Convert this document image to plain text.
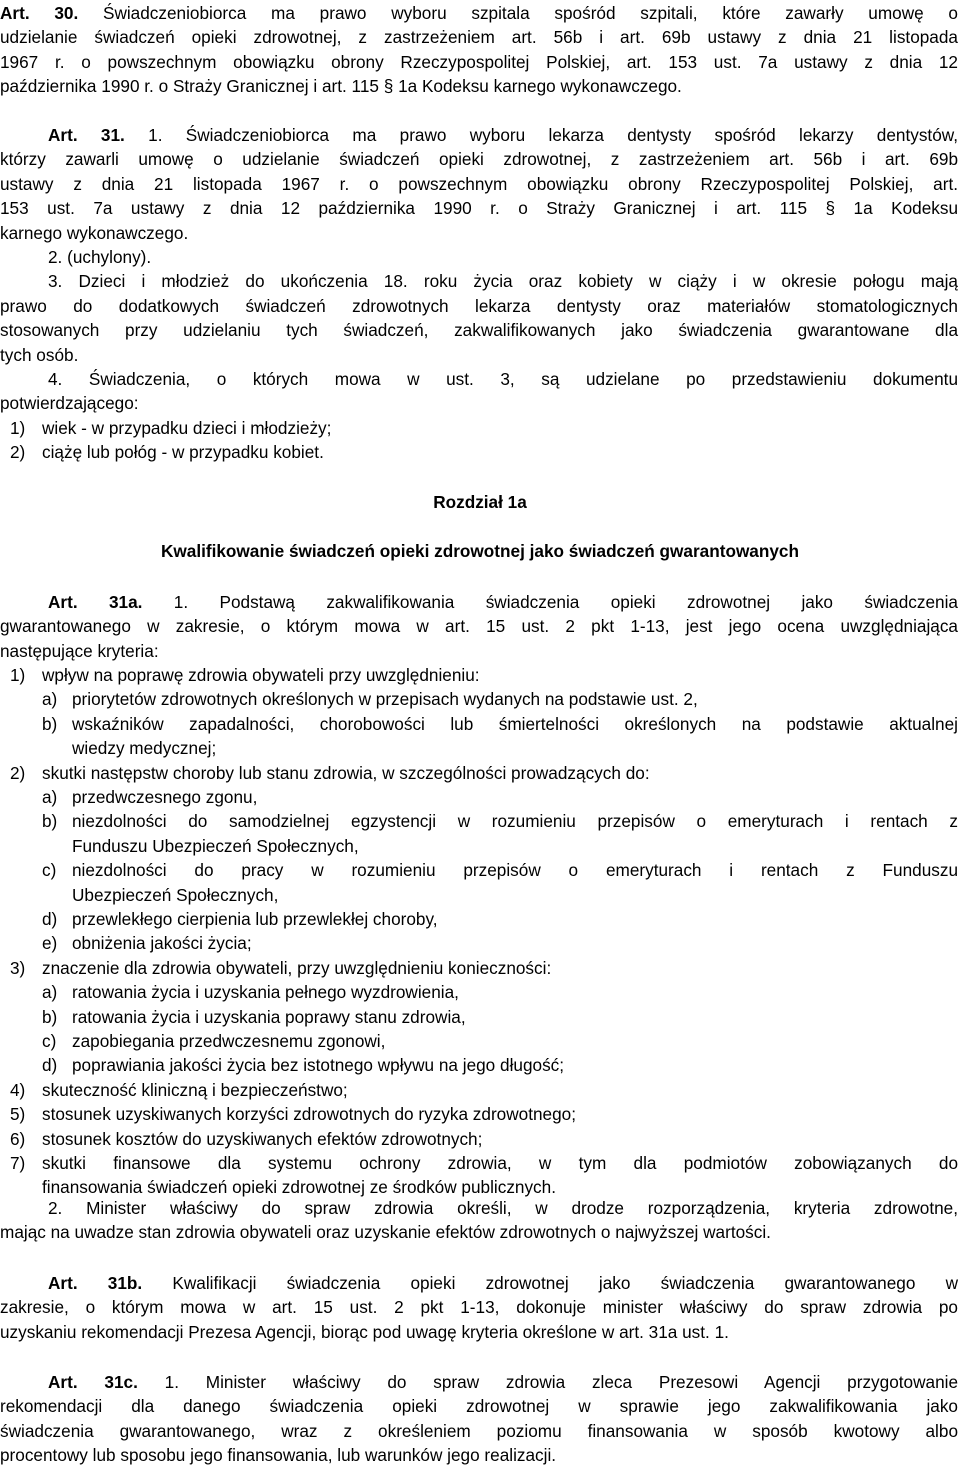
Art. 30. Świadczeniobiorca ma prawo wyboru szpitala spośród szpitali, które zawarły umowę o
udzielanie świadczeń opieki zdrowotnej, z zastrzeżeniem art. 56b i art. 69b ustawy z dnia 21 listopada
1967 r. o powszechnym obowiązku obrony Rzeczypospolitej Polskiej, art. 153 ust. 7a ustawy z dnia 12
października 1990 r. o Straży Granicznej i art. 115 § 1a Kodeksu karnego wykonawczego.
Art. 31. 1. Świadczeniobiorca ma prawo wyboru lekarza dentysty spośród lekarzy dentystów,
którzy zawarli umowę o udzielanie świadczeń opieki zdrowotnej, z zastrzeżeniem art. 56b i art. 69b
ustawy z dnia 21 listopada 1967 r. o powszechnym obowiązku obrony Rzeczypospolitej Polskiej, art.
153 ust. 7a ustawy z dnia 12 października 1990 r. o Straży Granicznej i art. 115 § 1a Kodeksu
karnego wykonawczego.
2. (uchylony).
3. Dzieci i młodzież do ukończenia 18. roku życia oraz kobiety w ciąży i w okresie połogu mają
prawo do dodatkowych świadczeń zdrowotnych lekarza dentysty oraz materiałów stomatologicznych
stosowanych przy udzielaniu tych świadczeń, zakwalifikowanych jako świadczenia gwarantowane dla
tych osób.
4. Świadczenia, o których mowa w ust. 3, są udzielane po przedstawieniu dokumentu
potwierdzającego:
1) wiek - w przypadku dzieci i młodzieży;
2) ciążę lub połóg - w przypadku kobiet.
Rozdział 1a
Kwalifikowanie świadczeń opieki zdrowotnej jako świadczeń gwarantowanych
Art. 31a. 1. Podstawą zakwalifikowania świadczenia opieki zdrowotnej jako świadczenia
gwarantowanego w zakresie, o którym mowa w art. 15 ust. 2 pkt 1-13, jest jego ocena uwzględniająca
następujące kryteria:
1) wpływ na poprawę zdrowia obywateli przy uwzględnieniu:
a) priorytetów zdrowotnych określonych w przepisach wydanych na podstawie ust. 2,
b) wskaźników zapadalności, chorobowości lub śmiertelności określonych na podstawie aktualnej
wiedzy medycznej;
2) skutki następstw choroby lub stanu zdrowia, w szczególności prowadzących do:
a) przedwczesnego zgonu,
b) niezdolności do samodzielnej egzystencji w rozumieniu przepisów o emeryturach i rentach z
Funduszu Ubezpieczeń Społecznych,
c) niezdolności do pracy w rozumieniu przepisów o emeryturach i rentach z Funduszu
Ubezpieczeń Społecznych,
d) przewlekłego cierpienia lub przewlekłej choroby,
e) obniżenia jakości życia;
3) znaczenie dla zdrowia obywateli, przy uwzględnieniu konieczności:
a) ratowania życia i uzyskania pełnego wyzdrowienia,
b) ratowania życia i uzyskania poprawy stanu zdrowia,
c) zapobiegania przedwczesnemu zgonowi,
d) poprawiania jakości życia bez istotnego wpływu na jego długość;
4) skuteczność kliniczną i bezpieczeństwo;
5) stosunek uzyskiwanych korzyści zdrowotnych do ryzyka zdrowotnego;
6) stosunek kosztów do uzyskiwanych efektów zdrowotnych;
7) skutki finansowe dla systemu ochrony zdrowia, w tym dla podmiotów zobowiązanych do
finansowania świadczeń opieki zdrowotnej ze środków publicznych.
2. Minister właściwy do spraw zdrowia określi, w drodze rozporządzenia, kryteria zdrowotne,
mając na uwadze stan zdrowia obywateli oraz uzyskanie efektów zdrowotnych o najwyższej wartości.
Art. 31b. Kwalifikacji świadczenia opieki zdrowotnej jako świadczenia gwarantowanego w
zakresie, o którym mowa w art. 15 ust. 2 pkt 1-13, dokonuje minister właściwy do spraw zdrowia po
uzyskaniu rekomendacji Prezesa Agencji, biorąc pod uwagę kryteria określone w art. 31a ust. 1.
Art. 31c. 1. Minister właściwy do spraw zdrowia zleca Prezesowi Agencji przygotowanie
rekomendacji dla danego świadczenia opieki zdrowotnej w sprawie jego zakwalifikowania jako
świadczenia gwarantowanego, wraz z określeniem poziomu finansowania w sposób kwotowy albo
procentowy lub sposobu jego finansowania, lub warunków jego realizacji.
